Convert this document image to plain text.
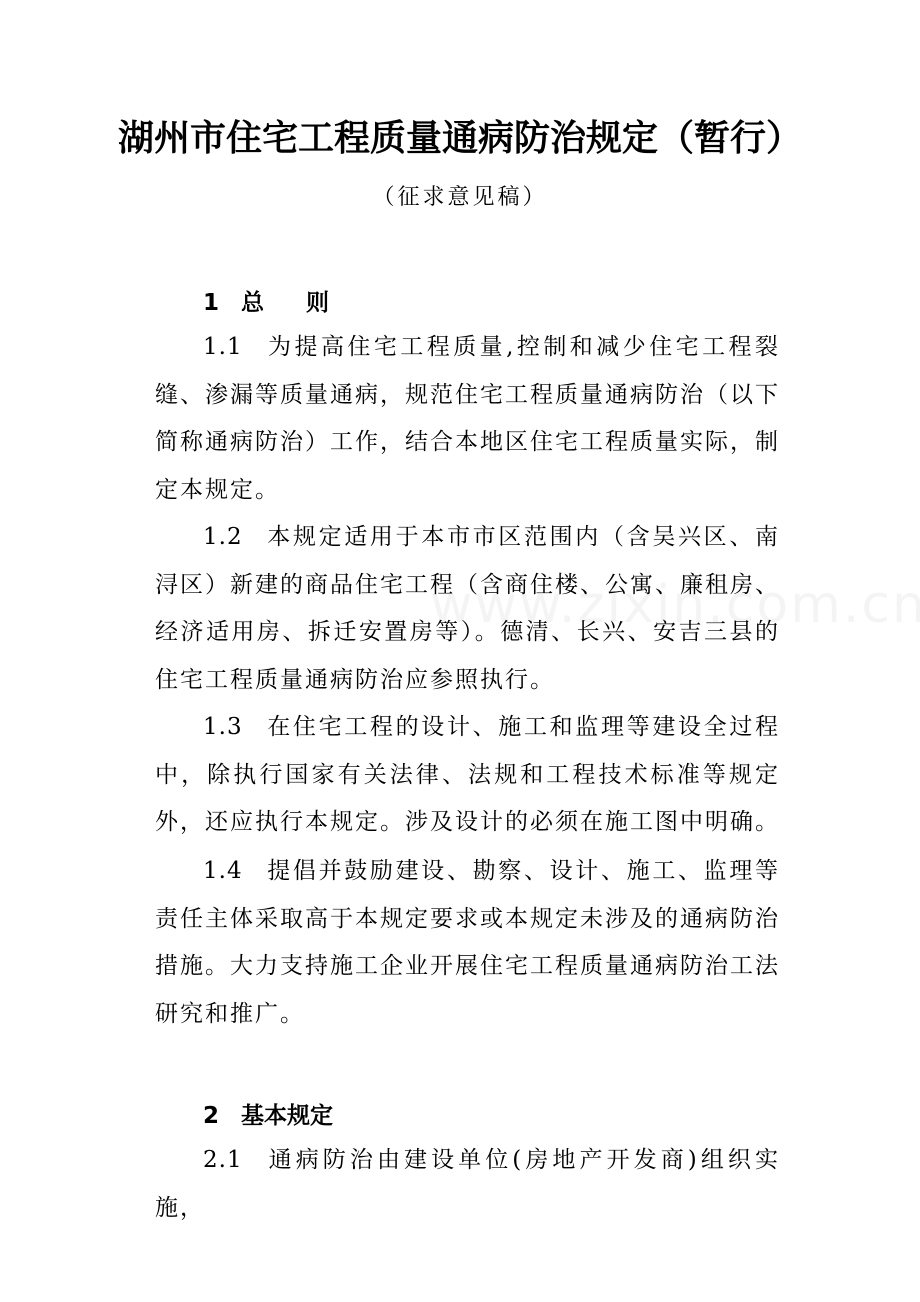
湖州市住宅工程质量通病防治规定（暂行）
（征求意见稿）
1 总 则

1.1 为提高住宅工程质量,控制和减少住宅工程裂缝、渗漏等质量通病，规范住宅工程质量通病防治（以下简称通病防治）工作，结合本地区住宅工程质量实际，制定本规定。

1.2 本规定适用于本市市区范围内（含吴兴区、南浔区）新建的商品住宅工程（含商住楼、公寓、廉租房、经济适用房、拆迁安置房等）。德清、长兴、安吉三县的住宅工程质量通病防治应参照执行。

1.3 在住宅工程的设计、施工和监理等建设全过程中，除执行国家有关法律、法规和工程技术标准等规定外，还应执行本规定。涉及设计的必须在施工图中明确。

1.4 提倡并鼓励建设、勘察、设计、施工、监理等责任主体采取高于本规定要求或本规定未涉及的通病防治措施。大力支持施工企业开展住宅工程质量通病防治工法研究和推广。

2 基本规定

2.1 通病防治由建设单位(房地产开发商)组织实施，
